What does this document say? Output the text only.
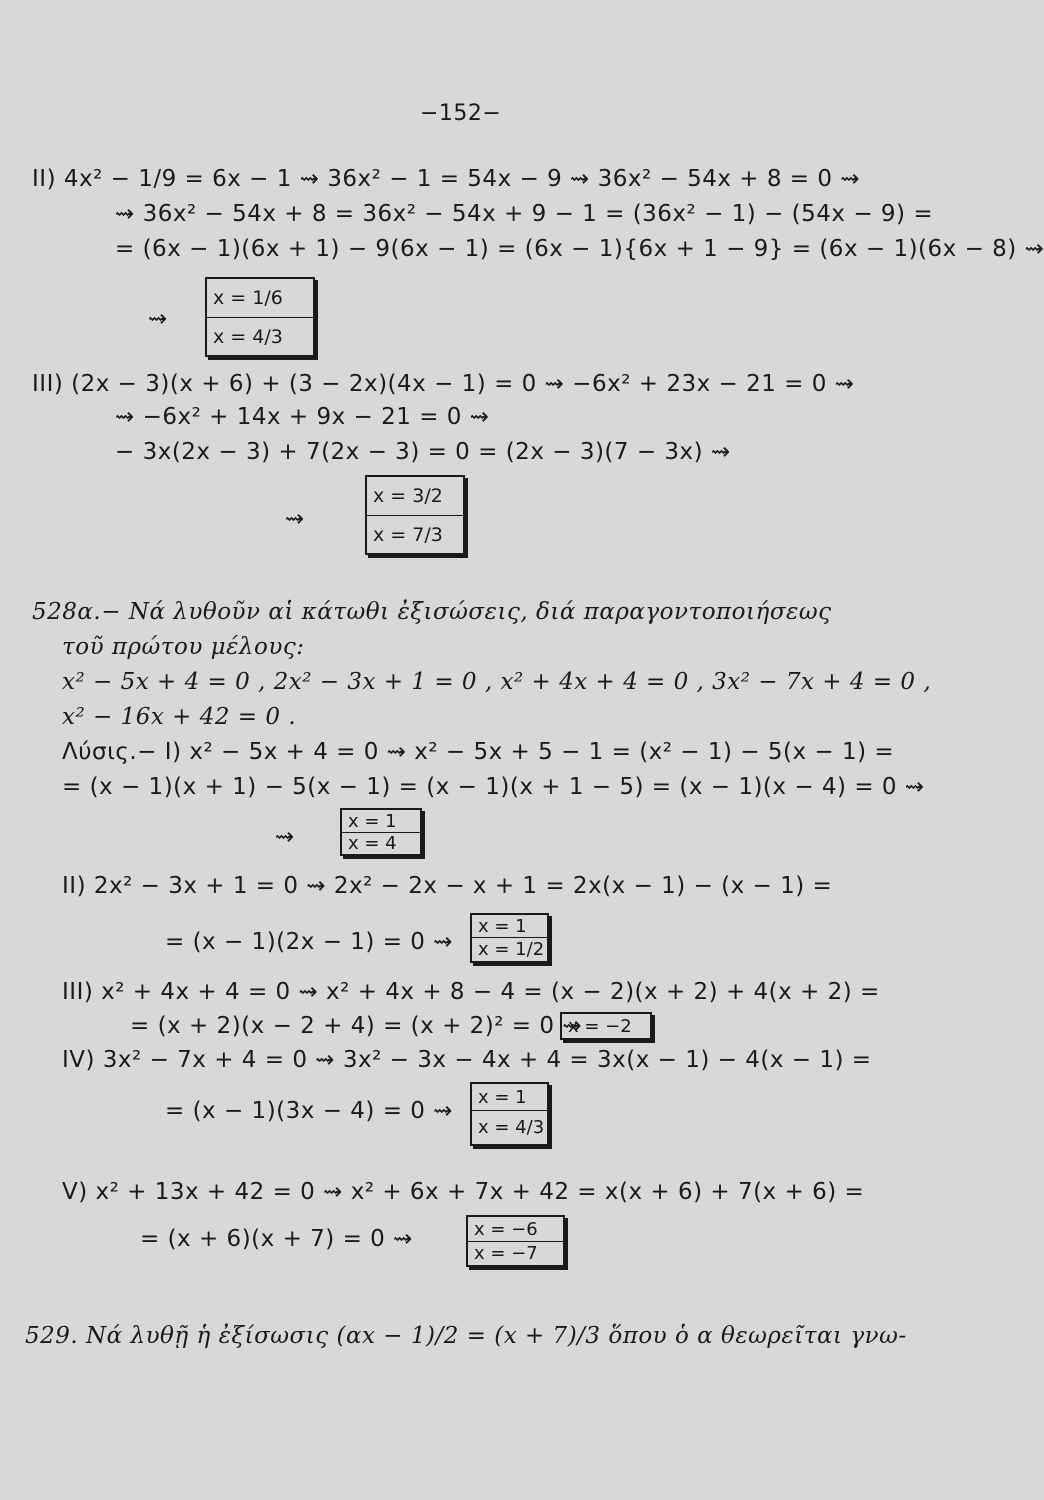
−152−
II) 4x² − 1/9 = 6x − 1 ⇝ 36x² − 1 = 54x − 9 ⇝ 36x² − 54x + 8 = 0 ⇝
⇝ 36x² − 54x + 8 = 36x² − 54x + 9 − 1 = (36x² − 1) − (54x − 9) =
= (6x − 1)(6x + 1) − 9(6x − 1) = (6x − 1){6x + 1 − 9} = (6x − 1)(6x − 8) ⇝
⇝
x = 1/6
x = 4/3
III) (2x − 3)(x + 6) + (3 − 2x)(4x − 1) = 0 ⇝ −6x² + 23x − 21 = 0 ⇝
⇝ −6x² + 14x + 9x − 21 = 0 ⇝
− 3x(2x − 3) + 7(2x − 3) = 0 = (2x − 3)(7 − 3x) ⇝
⇝
x = 3/2
x = 7/3
528α.− Νά λυθοῦν αἱ κάτωθι ἐξισώσεις, διά παραγοντοποιήσεως
τοῦ πρώτου μέλους:
x² − 5x + 4 = 0 , 2x² − 3x + 1 = 0 , x² + 4x + 4 = 0 , 3x² − 7x + 4 = 0 ,
x² − 16x + 42 = 0 .
Λύσις.− I) x² − 5x + 4 = 0 ⇝ x² − 5x + 5 − 1 = (x² − 1) − 5(x − 1) =
= (x − 1)(x + 1) − 5(x − 1) = (x − 1)(x + 1 − 5) = (x − 1)(x − 4) = 0 ⇝
⇝
x = 1
x = 4
II) 2x² − 3x + 1 = 0 ⇝ 2x² − 2x − x + 1 = 2x(x − 1) − (x − 1) =
= (x − 1)(2x − 1) = 0 ⇝
x = 1
x = 1/2
III) x² + 4x + 4 = 0 ⇝ x² + 4x + 8 − 4 = (x − 2)(x + 2) + 4(x + 2) =
= (x + 2)(x − 2 + 4) = (x + 2)² = 0 ⇝
x = −2
IV) 3x² − 7x + 4 = 0 ⇝ 3x² − 3x − 4x + 4 = 3x(x − 1) − 4(x − 1) =
= (x − 1)(3x − 4) = 0 ⇝
x = 1
x = 4/3
V) x² + 13x + 42 = 0 ⇝ x² + 6x + 7x + 42 = x(x + 6) + 7(x + 6) =
= (x + 6)(x + 7) = 0 ⇝	x = −6
x = −7
529. Νά λυθῇ ἡ ἐξίσωσις (αx − 1)/2 = (x + 7)/3 ὅπου ὁ α θεωρεῖται γνω-
